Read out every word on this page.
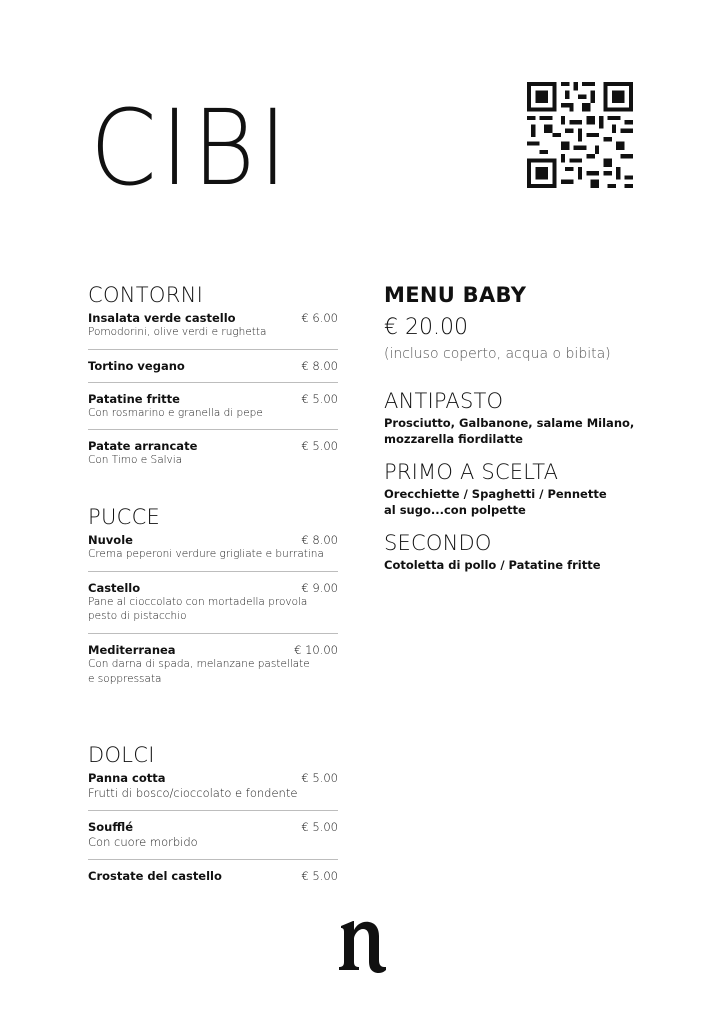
CIBI
CONTORNI
Insalata verde castello	€ 6.00
Pomodorini, olive verdi e rughetta
Tortino vegano	€ 8.00
Patatine fritte	€ 5.00
Con rosmarino e granella di pepe
Patate arrancate	€ 5.00
Con Timo e Salvia
PUCCE
Nuvole	€ 8.00
Crema peperoni verdure grigliate e burratina
Castello	€ 9.00
Pane al cioccolato con mortadella provola
pesto di pistacchio
Mediterranea	€ 10.00
Con darna di spada, melanzane pastellate
e soppressata
DOLCI
Panna cotta	€ 5.00
Frutti di bosco/cioccolato e fondente
Soufflé	€ 5.00
Con cuore morbido
Crostate del castello	€ 5.00
MENU BABY
€ 20.00
(incluso coperto, acqua o bibita)
ANTIPASTO
Prosciutto, Galbanone, salame Milano,
mozzarella fiordilatte
PRIMO A SCELTA
Orecchiette / Spaghetti / Pennette
al sugo...con polpette
SECONDO
Cotoletta di pollo / Patatine fritte
